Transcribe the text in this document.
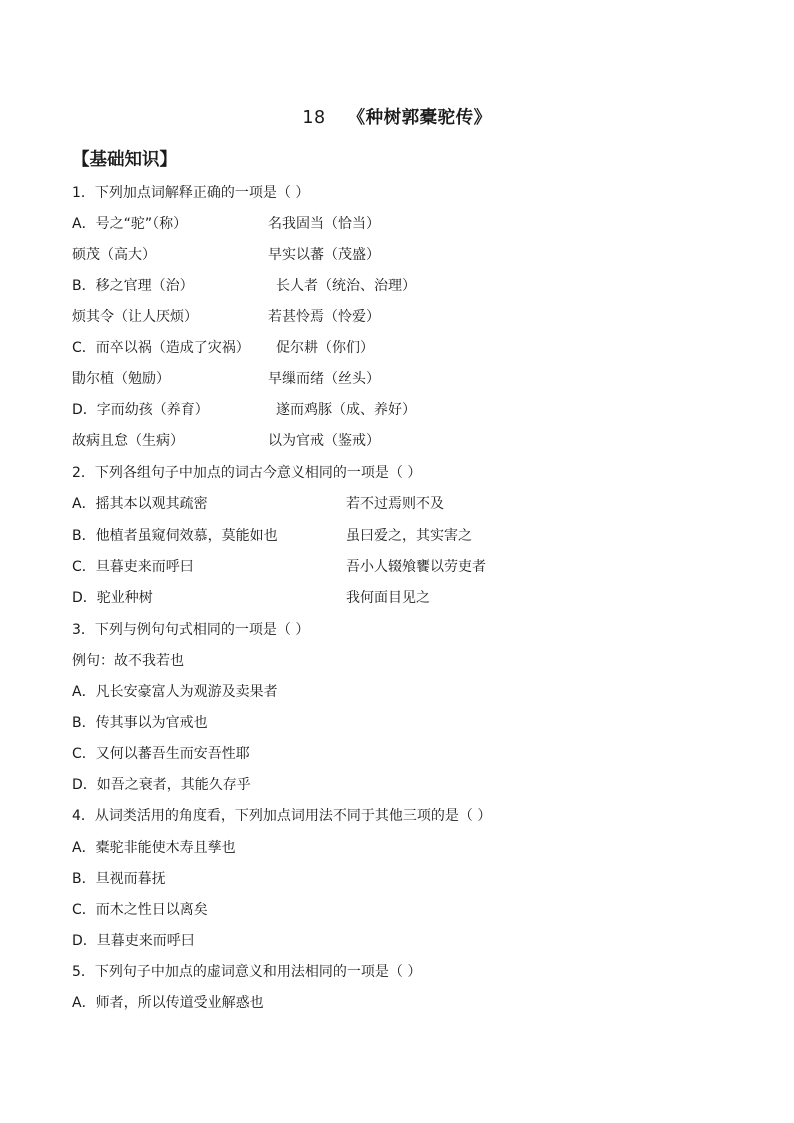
18 《种树郭橐驼传》
【基础知识】
1．下列加点词解释正确的一项是（ ）
A．号之“驼”（称）	名我固当（恰当）
硕茂（高大）	早实以蕃（茂盛）
B．移之官理（治）	长人者（统治、治理）
烦其令（让人厌烦）	若甚怜焉（怜爱）
C．而卒以祸（造成了灾祸） 促尔耕（你们）
勖尔植（勉励）	早缫而绪（丝头）
D．字而幼孩（养育）	遂而鸡豚（成、养好）
故病且怠（生病）	以为官戒（鉴戒）
2．下列各组句子中加点的词古今意义相同的一项是（ ）
A．摇其本以观其疏密	若不过焉则不及
B．他植者虽窥伺效慕，莫能如也	虽曰爱之，其实害之
C．旦暮吏来而呼曰	吾小人辍飧饔以劳吏者
D．驼业种树	我何面目见之
3．下列与例句句式相同的一项是（ ）
例句：故不我若也
A．凡长安豪富人为观游及卖果者
B．传其事以为官戒也
C．又何以蕃吾生而安吾性耶
D．如吾之衰者，其能久存乎
4．从词类活用的角度看，下列加点词用法不同于其他三项的是（ ）
A．橐驼非能使木寿且孳也
B．旦视而暮抚
C．而木之性日以离矣
D．旦暮吏来而呼曰
5．下列句子中加点的虚词意义和用法相同的一项是（ ）
A．师者，所以传道受业解惑也
